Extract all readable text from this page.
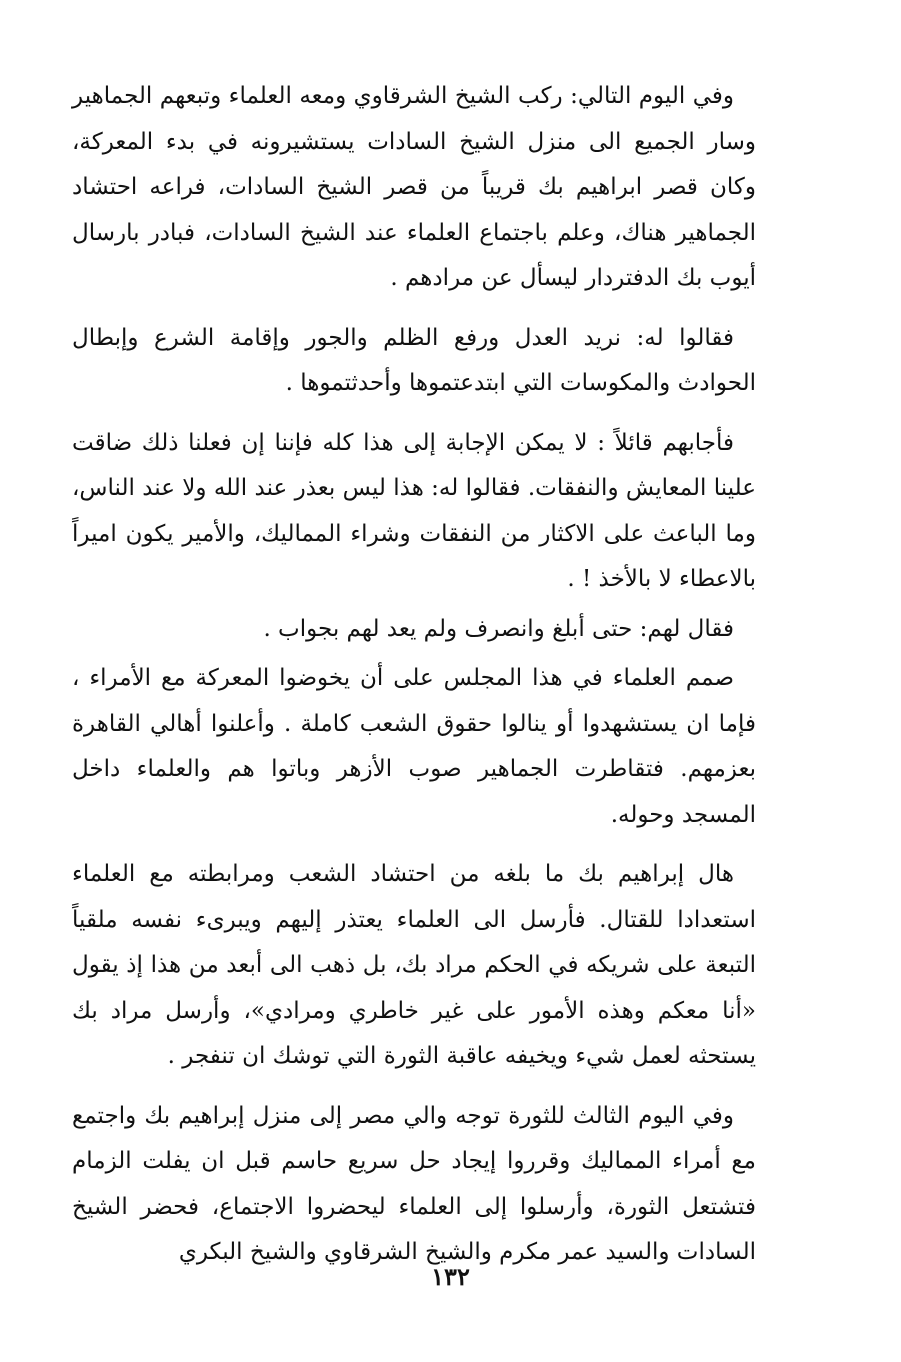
وفي اليوم التالي: ركب الشيخ الشرقاوي ومعه العلماء وتبعهم الجماهير وسار الجميع الى منزل الشيخ السادات يستشيرونه في بدء المعركة، وكان قصر ابراهيم بك قريباً من قصر الشيخ السادات، فراعه احتشاد الجماهير هناك، وعلم باجتماع العلماء عند الشيخ السادات، فبادر بارسال أيوب بك الدفتردار ليسأل عن مرادهم .

فقالوا له: نريد العدل ورفع الظلم والجور وإقامة الشرع وإبطال الحوادث والمكوسات التي ابتدعتموها وأحدثتموها .

فأجابهم قائلاً : لا يمكن الإجابة إلى هذا كله فإننا إن فعلنا ذلك ضاقت علينا المعايش والنفقات. فقالوا له: هذا ليس بعذر عند الله ولا عند الناس، وما الباعث على الاكثار من النفقات وشراء المماليك، والأمير يكون اميراً بالاعطاء لا بالأخذ ! .

فقال لهم: حتى أبلغ وانصرف ولم يعد لهم بجواب .

صمم العلماء في هذا المجلس على أن يخوضوا المعركة مع الأمراء ، فإما ان يستشهدوا أو ينالوا حقوق الشعب كاملة . وأعلنوا أهالي القاهرة بعزمهم. فتقاطرت الجماهير صوب الأزهر وباتوا هم والعلماء داخل المسجد وحوله.

هال إبراهيم بك ما بلغه من احتشاد الشعب ومرابطته مع العلماء استعدادا للقتال. فأرسل الى العلماء يعتذر إليهم ويبرىء نفسه ملقياً التبعة على شريكه في الحكم مراد بك، بل ذهب الى أبعد من هذا إذ يقول «أنا معكم وهذه الأمور على غير خاطري ومرادي»، وأرسل مراد بك يستحثه لعمل شيء ويخيفه عاقبة الثورة التي توشك ان تنفجر .

وفي اليوم الثالث للثورة توجه والي مصر إلى منزل إبراهيم بك واجتمع مع أمراء المماليك وقرروا إيجاد حل سريع حاسم قبل ان يفلت الزمام فتشتعل الثورة، وأرسلوا إلى العلماء ليحضروا الاجتماع، فحضر الشيخ السادات والسيد عمر مكرم والشيخ الشرقاوي والشيخ البكري

١٣٢
